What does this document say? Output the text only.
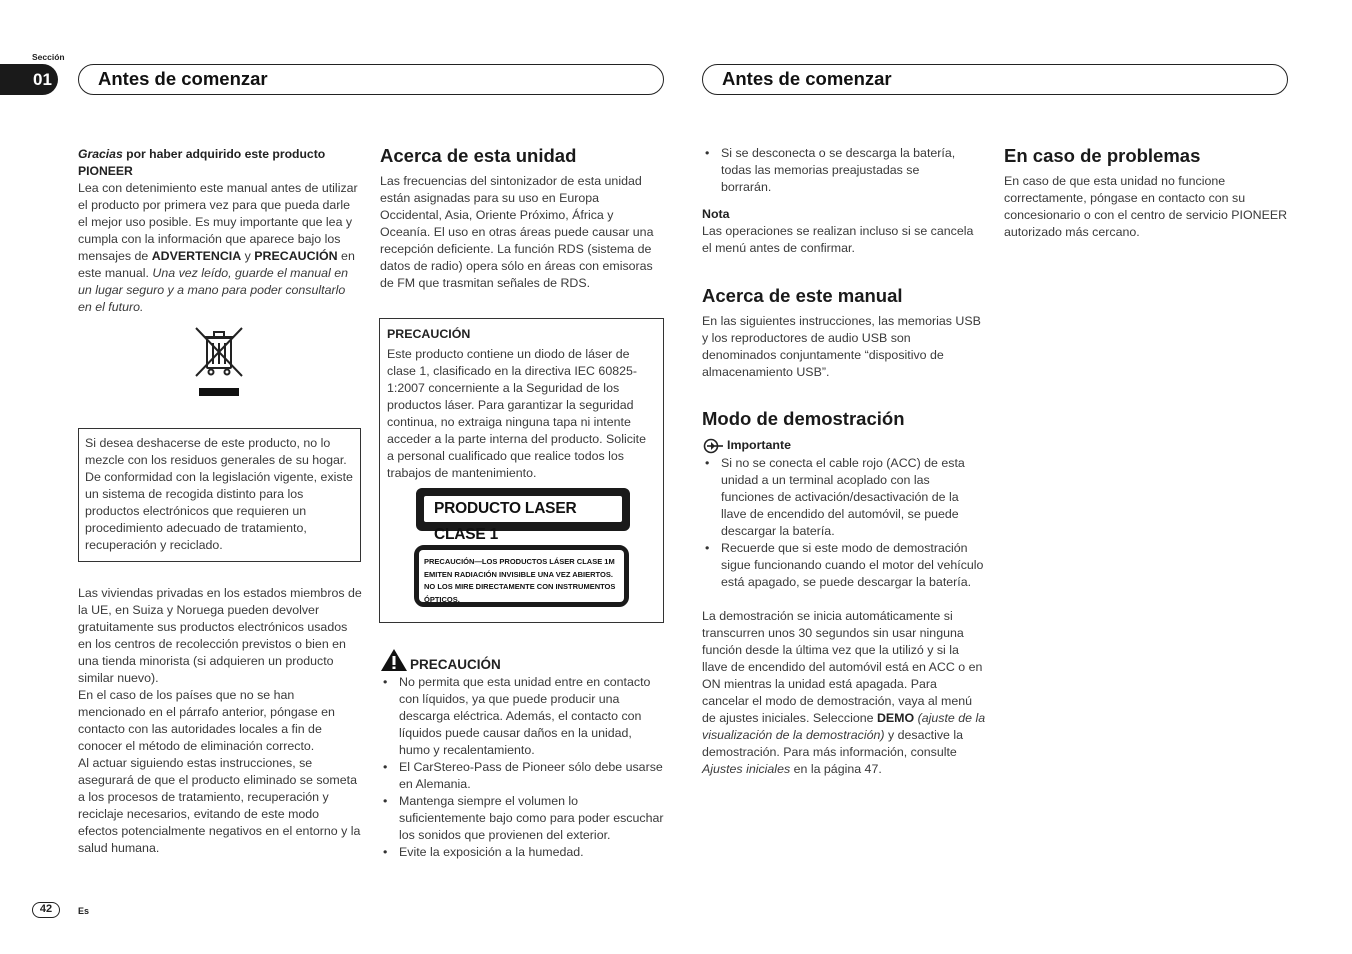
Sección
01	Antes de comenzar	Antes de comenzar

Gracias por haber adquirido este producto
PIONEER

Lea con detenimiento este manual antes de utilizar el producto por primera vez para que pueda darle el mejor uso posible. Es muy importante que lea y cumpla con la información que aparece bajo los mensajes de ADVERTENCIA y PRECAUCIÓN en este manual. Una vez leído, guarde el manual en un lugar seguro y a mano para poder consultarlo en el futuro.

Si desea deshacerse de este producto, no lo mezcle con los residuos generales de su hogar. De conformidad con la legislación vigente, existe un sistema de recogida distinto para los productos electrónicos que requieren un procedimiento adecuado de tratamiento, recuperación y reciclado.

Las viviendas privadas en los estados miembros de la UE, en Suiza y Noruega pueden devolver gratuitamente sus productos electrónicos usados en los centros de recolección previstos o bien en una tienda minorista (si adquieren un producto similar nuevo).

En el caso de los países que no se han mencionado en el párrafo anterior, póngase en contacto con las autoridades locales a fin de conocer el método de eliminación correcto.

Al actuar siguiendo estas instrucciones, se asegurará de que el producto eliminado se someta a los procesos de tratamiento, recuperación y reciclaje necesarios, evitando de este modo efectos potencialmente negativos en el entorno y la salud humana.

Acerca de esta unidad

Las frecuencias del sintonizador de esta unidad están asignadas para su uso en Europa Occidental, Asia, Oriente Próximo, África y Oceanía. El uso en otras áreas puede causar una recepción deficiente. La función RDS (sistema de datos de radio) opera sólo en áreas con emisoras de FM que trasmitan señales de RDS.

PRECAUCIÓN

Este producto contiene un diodo de láser de clase 1, clasificado en la directiva IEC 60825-1:2007 concerniente a la Seguridad de los productos láser. Para garantizar la seguridad continua, no extraiga ninguna tapa ni intente acceder a la parte interna del producto. Solicite a personal cualificado que realice todos los trabajos de mantenimiento.

PRODUCTO LASER CLASE 1
PRECAUCIÓN—LOS PRODUCTOS LÁSER CLASE 1M EMITEN RADIACIÓN INVISIBLE UNA VEZ ABIERTOS. NO LOS MIRE DIRECTAMENTE CON INSTRUMENTOS ÓPTICOS.
PRECAUCIÓN
• No permita que esta unidad entre en contacto con líquidos, ya que puede producir una descarga eléctrica. Además, el contacto con líquidos puede causar daños en la unidad, humo y recalentamiento.
• El CarStereo-Pass de Pioneer sólo debe usarse en Alemania.
• Mantenga siempre el volumen lo suficientemente bajo como para poder escuchar los sonidos que provienen del exterior.
• Evite la exposición a la humedad.
• Si se desconecta o se descarga la batería, todas las memorias preajustadas se borrarán.

Nota

Las operaciones se realizan incluso si se cancela el menú antes de confirmar.

Acerca de este manual

En las siguientes instrucciones, las memorias USB y los reproductores de audio USB son denominados conjuntamente “dispositivo de almacenamiento USB”.

Modo de demostración
Importante
• Si no se conecta el cable rojo (ACC) de esta unidad a un terminal acoplado con las funciones de activación/desactivación de la llave de encendido del automóvil, se puede descargar la batería.
• Recuerde que si este modo de demostración sigue funcionando cuando el motor del vehículo está apagado, se puede descargar la batería.

La demostración se inicia automáticamente si transcurren unos 30 segundos sin usar ninguna función desde la última vez que la utilizó y si la llave de encendido del automóvil está en ACC o en ON mientras la unidad está apagada. Para cancelar el modo de demostración, vaya al menú de ajustes iniciales. Seleccione DEMO (ajuste de la visualización de la demostración) y desactive la demostración. Para más información, consulte Ajustes iniciales en la página 47.

En caso de problemas

En caso de que esta unidad no funcione correctamente, póngase en contacto con su concesionario o con el centro de servicio PIONEER autorizado más cercano.

42	Es
